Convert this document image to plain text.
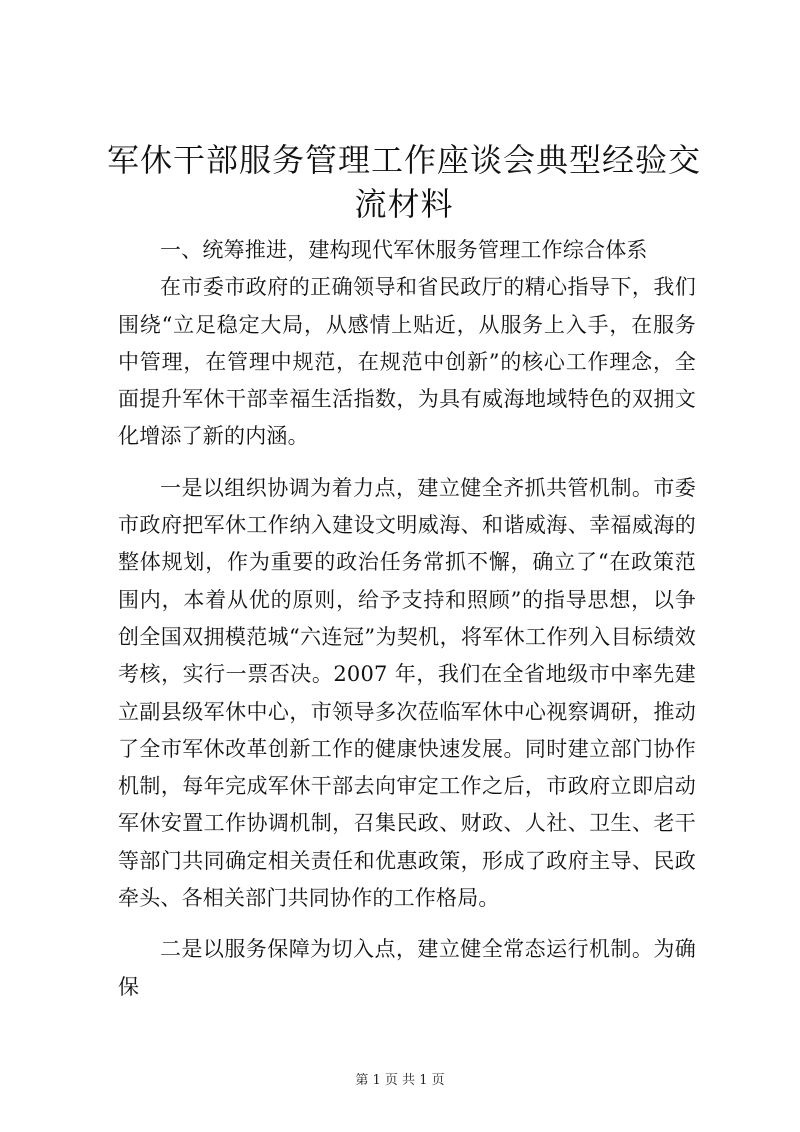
军休干部服务管理工作座谈会典型经验交流材料

一、统筹推进，建构现代军休服务管理工作综合体系

在市委市政府的正确领导和省民政厅的精心指导下，我们围绕“立足稳定大局，从感情上贴近，从服务上入手，在服务中管理，在管理中规范，在规范中创新”的核心工作理念，全面提升军休干部幸福生活指数，为具有威海地域特色的双拥文化增添了新的内涵。

一是以组织协调为着力点，建立健全齐抓共管机制。市委市政府把军休工作纳入建设文明威海、和谐威海、幸福威海的整体规划，作为重要的政治任务常抓不懈，确立了“在政策范围内，本着从优的原则，给予支持和照顾”的指导思想，以争创全国双拥模范城“六连冠”为契机，将军休工作列入目标绩效考核，实行一票否决。2007 年，我们在全省地级市中率先建立副县级军休中心，市领导多次莅临军休中心视察调研，推动了全市军休改革创新工作的健康快速发展。同时建立部门协作机制，每年完成军休干部去向审定工作之后，市政府立即启动军休安置工作协调机制，召集民政、财政、人社、卫生、老干等部门共同确定相关责任和优惠政策，形成了政府主导、民政牵头、各相关部门共同协作的工作格局。

二是以服务保障为切入点，建立健全常态运行机制。为确保

第 1 页 共 1 页
